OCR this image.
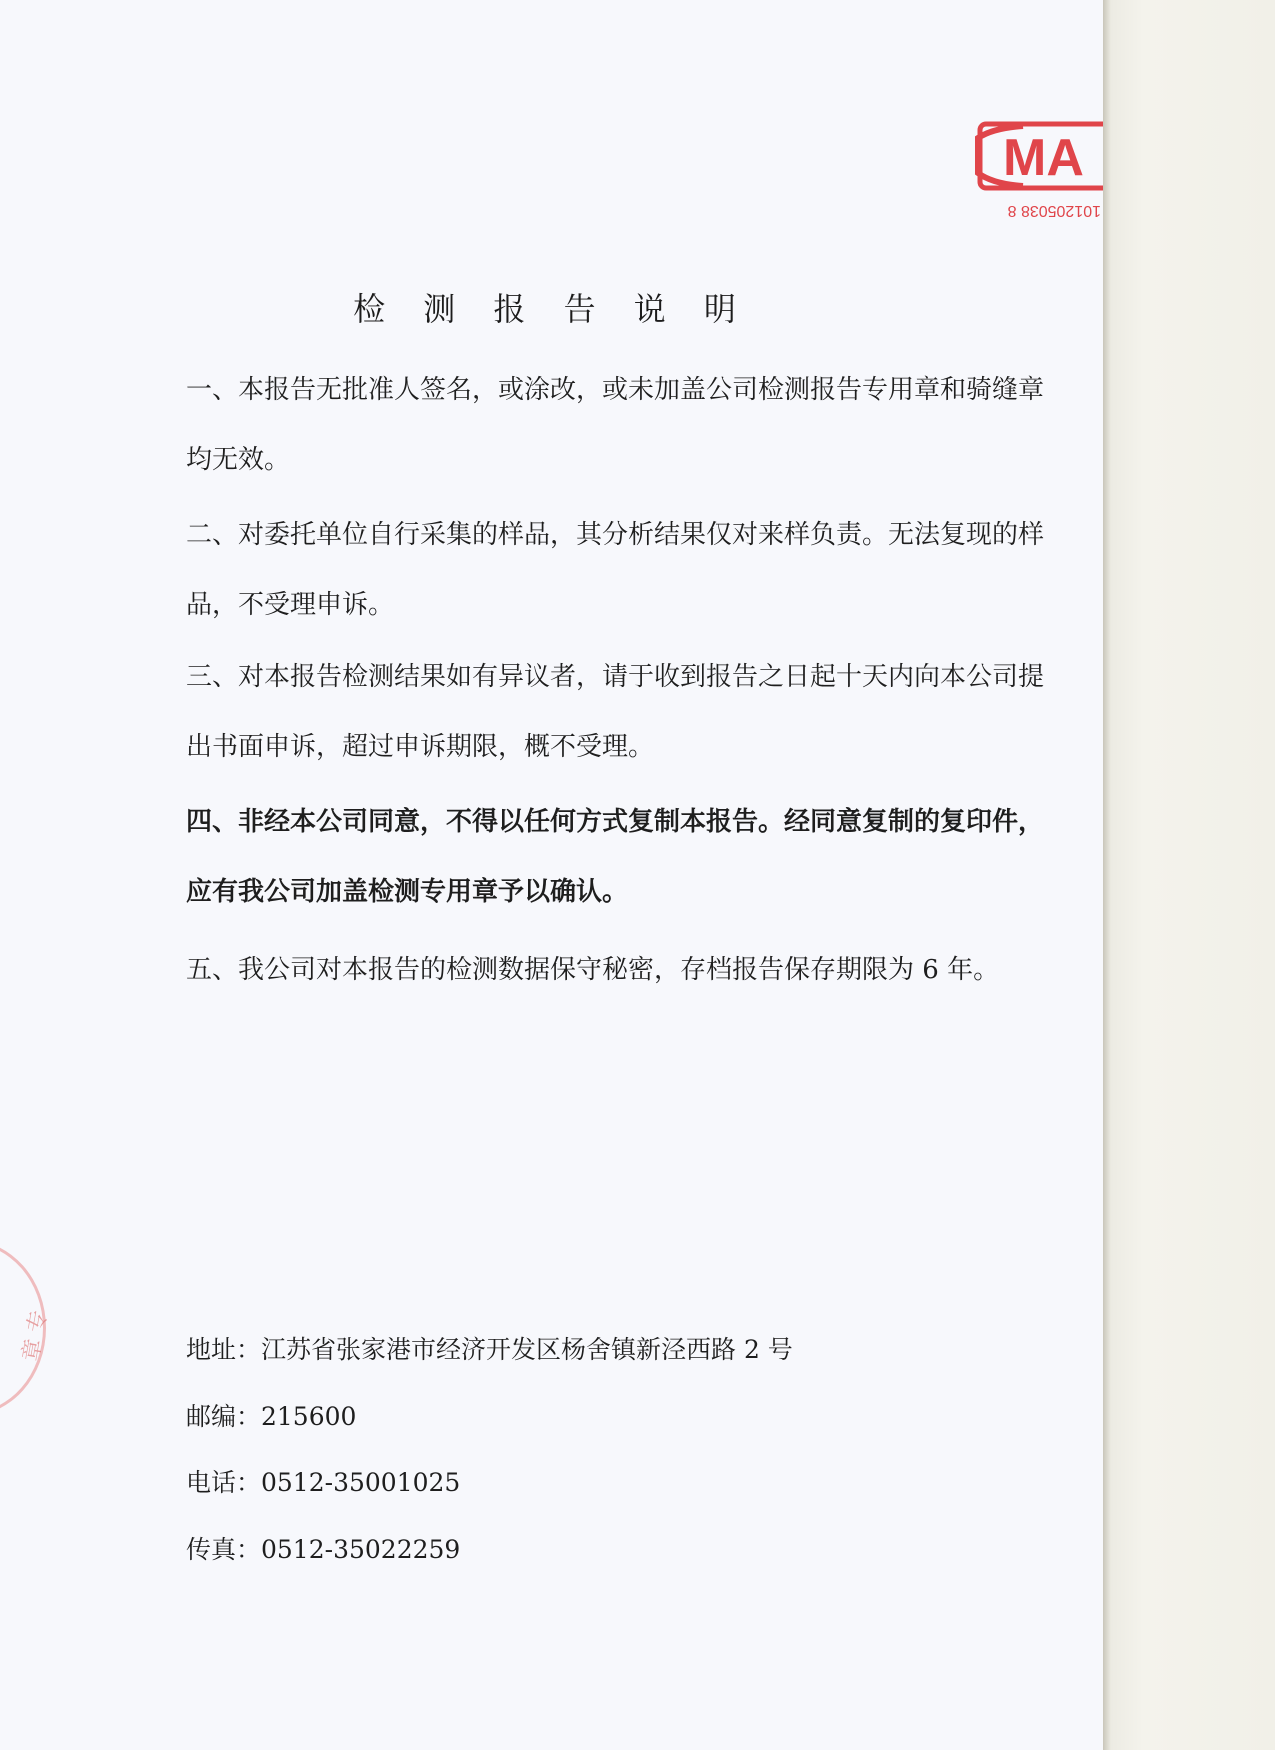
MA
101205038 8
章 专
检 测 报 告 说 明
一、本报告无批准人签名，或涂改，或未加盖公司检测报告专用章和骑缝章均无效。
二、对委托单位自行采集的样品，其分析结果仅对来样负责。无法复现的样品，不受理申诉。
三、对本报告检测结果如有异议者，请于收到报告之日起十天内向本公司提出书面申诉，超过申诉期限，概不受理。
四、非经本公司同意，不得以任何方式复制本报告。经同意复制的复印件，应有我公司加盖检测专用章予以确认。
五、我公司对本报告的检测数据保守秘密，存档报告保存期限为 6 年。
地址：江苏省张家港市经济开发区杨舍镇新泾西路 2 号
邮编：215600
电话：0512-35001025
传真：0512-35022259
